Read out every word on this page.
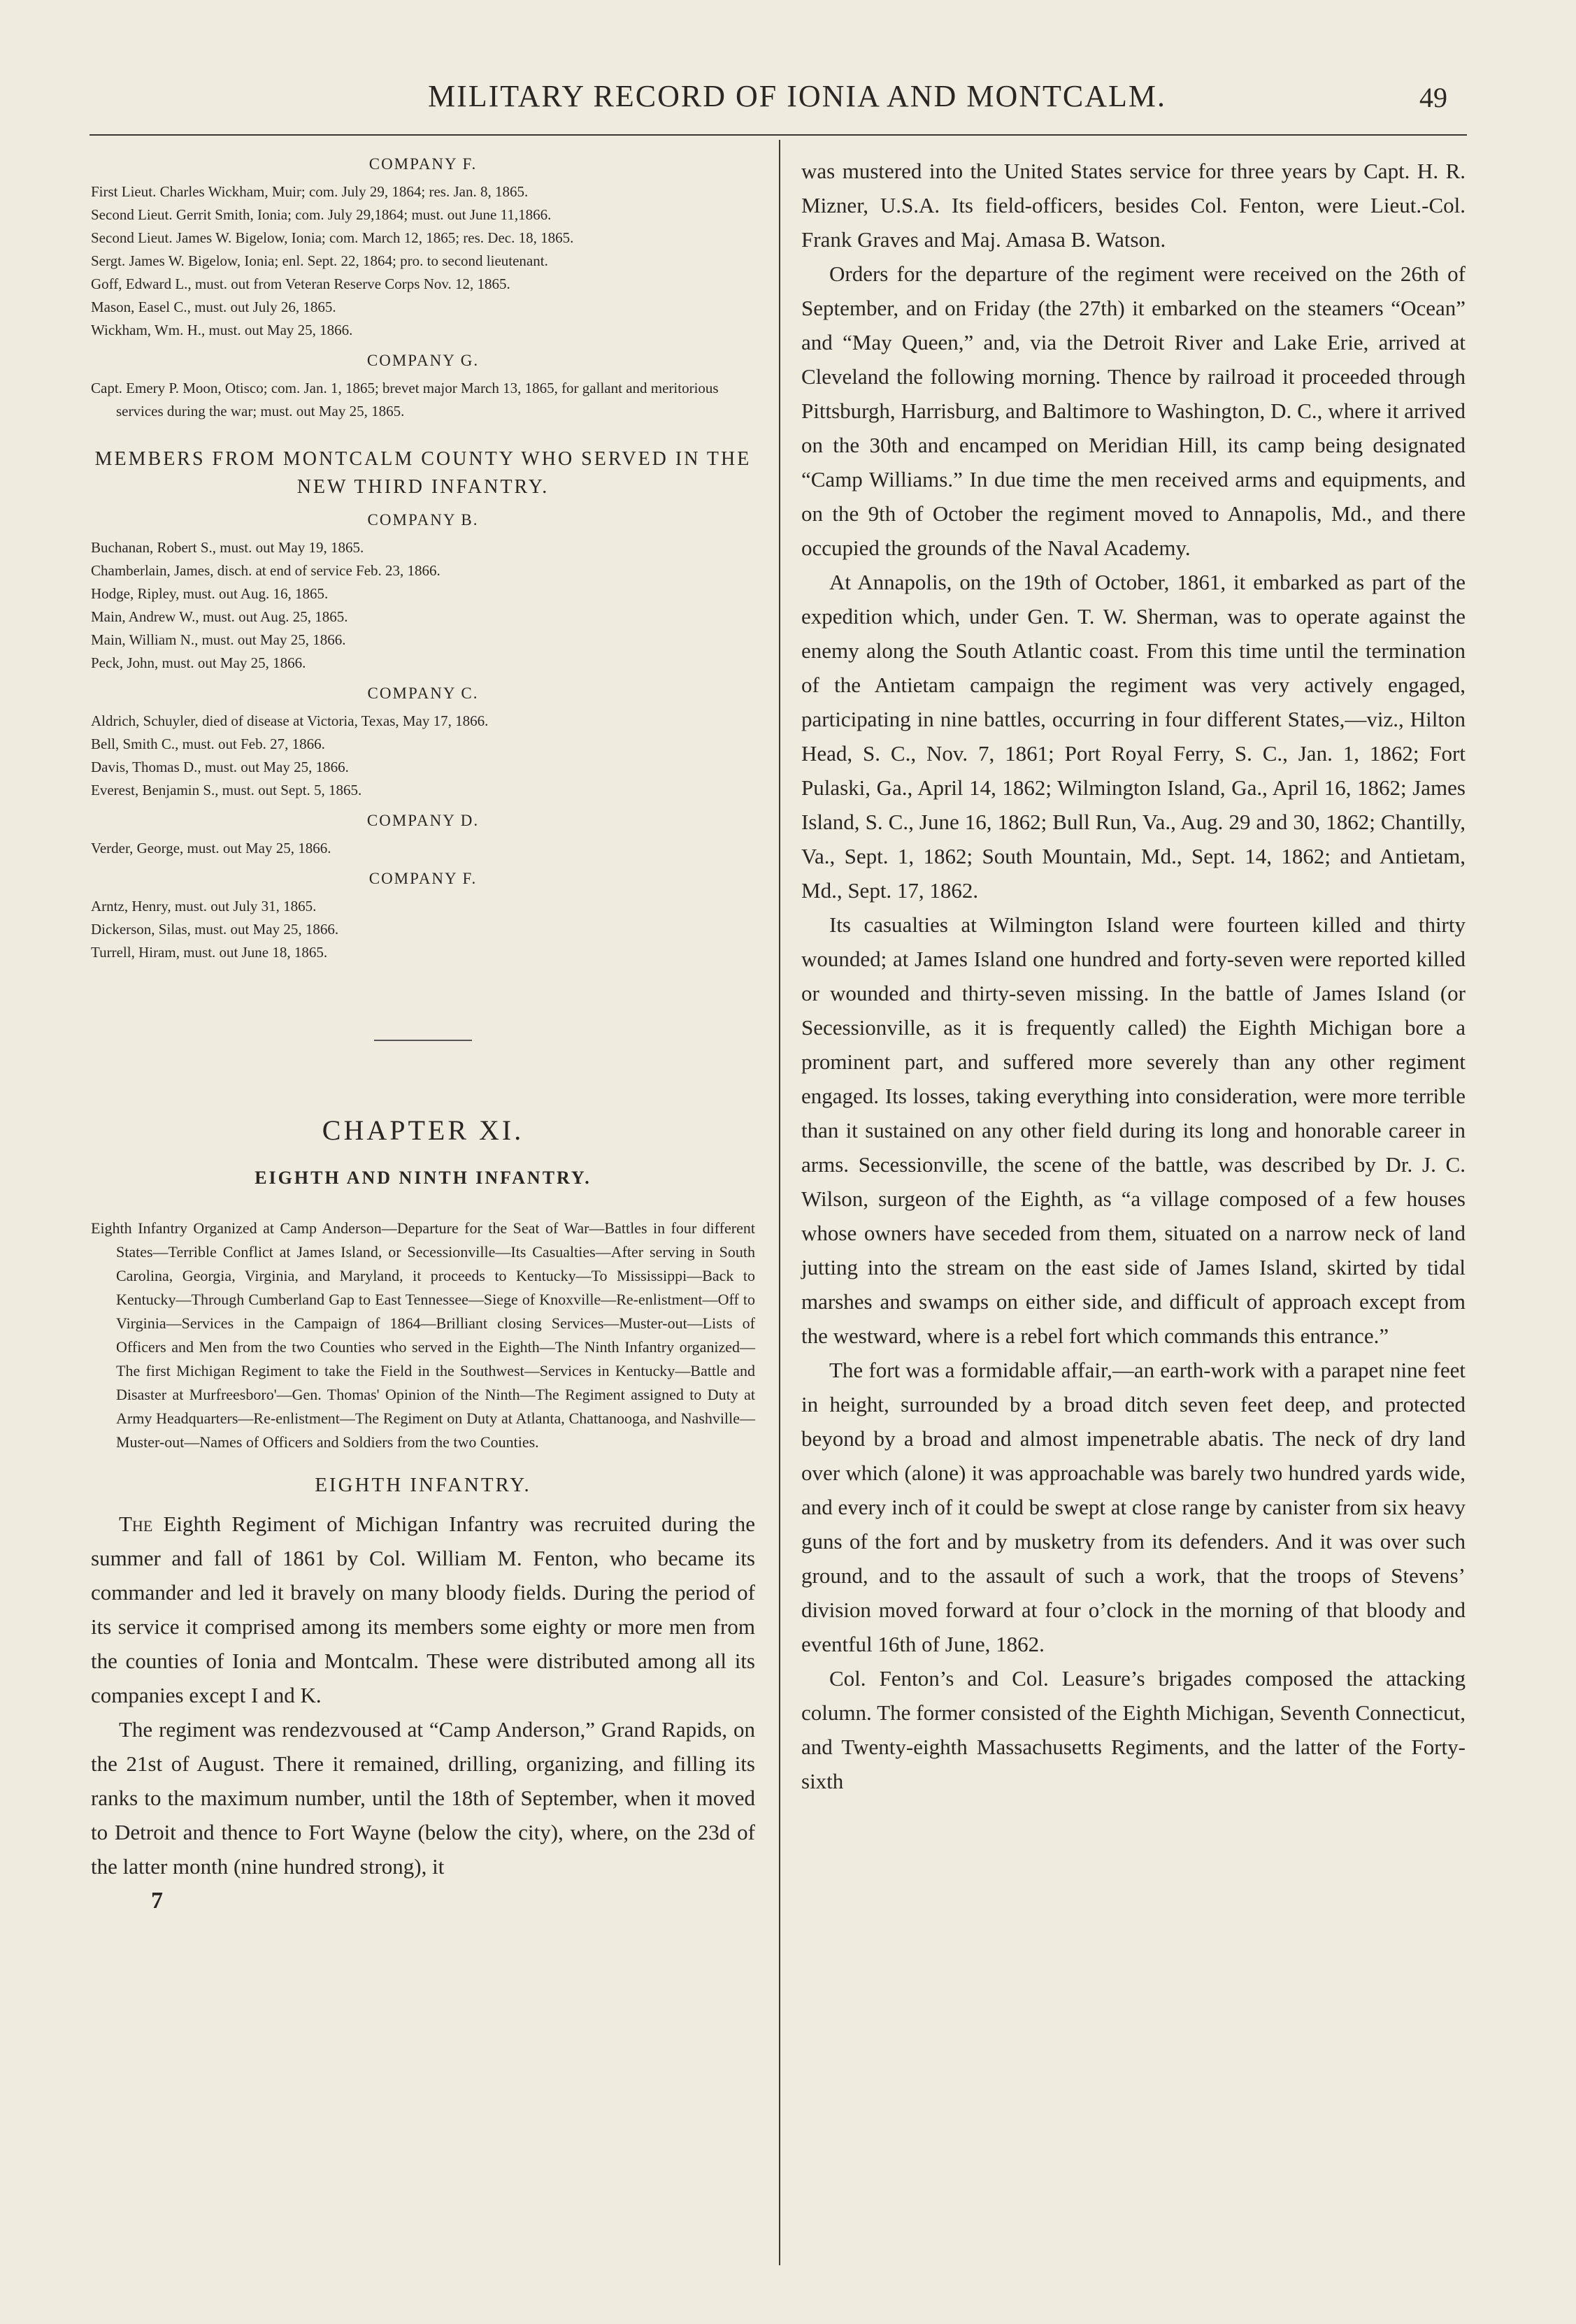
MILITARY RECORD OF IONIA AND MONTCALM.	49
COMPANY F.
First Lieut. Charles Wickham, Muir; com. July 29, 1864; res. Jan. 8, 1865.
Second Lieut. Gerrit Smith, Ionia; com. July 29,1864; must. out June 11,1866.
Second Lieut. James W. Bigelow, Ionia; com. March 12, 1865; res. Dec. 18, 1865.
Sergt. James W. Bigelow, Ionia; enl. Sept. 22, 1864; pro. to second lieutenant.
Goff, Edward L., must. out from Veteran Reserve Corps Nov. 12, 1865.
Mason, Easel C., must. out July 26, 1865.
Wickham, Wm. H., must. out May 25, 1866.
COMPANY G.
Capt. Emery P. Moon, Otisco; com. Jan. 1, 1865; brevet major March 13, 1865, for gallant and meritorious services during the war; must. out May 25, 1865.
MEMBERS FROM MONTCALM COUNTY WHO SERVED IN THE NEW THIRD INFANTRY.
COMPANY B.
Buchanan, Robert S., must. out May 19, 1865.
Chamberlain, James, disch. at end of service Feb. 23, 1866.
Hodge, Ripley, must. out Aug. 16, 1865.
Main, Andrew W., must. out Aug. 25, 1865.
Main, William N., must. out May 25, 1866.
Peck, John, must. out May 25, 1866.
COMPANY C.
Aldrich, Schuyler, died of disease at Victoria, Texas, May 17, 1866.
Bell, Smith C., must. out Feb. 27, 1866.
Davis, Thomas D., must. out May 25, 1866.
Everest, Benjamin S., must. out Sept. 5, 1865.
COMPANY D.
Verder, George, must. out May 25, 1866.
COMPANY F.
Arntz, Henry, must. out July 31, 1865.
Dickerson, Silas, must. out May 25, 1866.
Turrell, Hiram, must. out June 18, 1865.
CHAPTER XI.
EIGHTH AND NINTH INFANTRY.
Eighth Infantry Organized at Camp Anderson—Departure for the Seat of War—Battles in four different States—Terrible Conflict at James Island, or Secessionville—Its Casualties—After serving in South Carolina, Georgia, Virginia, and Maryland, it proceeds to Kentucky—To Mississippi—Back to Kentucky—Through Cumberland Gap to East Tennessee—Siege of Knoxville—Re-enlistment—Off to Virginia—Services in the Campaign of 1864—Brilliant closing Services—Muster-out—Lists of Officers and Men from the two Counties who served in the Eighth—The Ninth Infantry organized—The first Michigan Regiment to take the Field in the Southwest—Services in Kentucky—Battle and Disaster at Murfreesboro'—Gen. Thomas' Opinion of the Ninth—The Regiment assigned to Duty at Army Headquarters—Re-enlistment—The Regiment on Duty at Atlanta, Chattanooga, and Nashville—Muster-out—Names of Officers and Soldiers from the two Counties.
EIGHTH INFANTRY.

The Eighth Regiment of Michigan Infantry was recruited during the summer and fall of 1861 by Col. William M. Fenton, who became its commander and led it bravely on many bloody fields. During the period of its service it comprised among its members some eighty or more men from the counties of Ionia and Montcalm. These were distributed among all its companies except I and K.

The regiment was rendezvoused at “Camp Anderson,” Grand Rapids, on the 21st of August. There it remained, drilling, organizing, and filling its ranks to the maximum number, until the 18th of September, when it moved to Detroit and thence to Fort Wayne (below the city), where, on the 23d of the latter month (nine hundred strong), it

7

was mustered into the United States service for three years by Capt. H. R. Mizner, U.S.A. Its field-officers, besides Col. Fenton, were Lieut.-Col. Frank Graves and Maj. Amasa B. Watson.

Orders for the departure of the regiment were received on the 26th of September, and on Friday (the 27th) it embarked on the steamers “Ocean” and “May Queen,” and, via the Detroit River and Lake Erie, arrived at Cleveland the following morning. Thence by railroad it proceeded through Pittsburgh, Harrisburg, and Baltimore to Washington, D. C., where it arrived on the 30th and encamped on Meridian Hill, its camp being designated “Camp Williams.” In due time the men received arms and equipments, and on the 9th of October the regiment moved to Annapolis, Md., and there occupied the grounds of the Naval Academy.

At Annapolis, on the 19th of October, 1861, it embarked as part of the expedition which, under Gen. T. W. Sherman, was to operate against the enemy along the South Atlantic coast. From this time until the termination of the Antietam campaign the regiment was very actively engaged, participating in nine battles, occurring in four different States,—viz., Hilton Head, S. C., Nov. 7, 1861; Port Royal Ferry, S. C., Jan. 1, 1862; Fort Pulaski, Ga., April 14, 1862; Wilmington Island, Ga., April 16, 1862; James Island, S. C., June 16, 1862; Bull Run, Va., Aug. 29 and 30, 1862; Chantilly, Va., Sept. 1, 1862; South Mountain, Md., Sept. 14, 1862; and Antietam, Md., Sept. 17, 1862.

Its casualties at Wilmington Island were fourteen killed and thirty wounded; at James Island one hundred and forty-seven were reported killed or wounded and thirty-seven missing. In the battle of James Island (or Secessionville, as it is frequently called) the Eighth Michigan bore a prominent part, and suffered more severely than any other regiment engaged. Its losses, taking everything into consideration, were more terrible than it sustained on any other field during its long and honorable career in arms. Secessionville, the scene of the battle, was described by Dr. J. C. Wilson, surgeon of the Eighth, as “a village composed of a few houses whose owners have seceded from them, situated on a narrow neck of land jutting into the stream on the east side of James Island, skirted by tidal marshes and swamps on either side, and difficult of approach except from the westward, where is a rebel fort which commands this entrance.”

The fort was a formidable affair,—an earth-work with a parapet nine feet in height, surrounded by a broad ditch seven feet deep, and protected beyond by a broad and almost impenetrable abatis. The neck of dry land over which (alone) it was approachable was barely two hundred yards wide, and every inch of it could be swept at close range by canister from six heavy guns of the fort and by musketry from its defenders. And it was over such ground, and to the assault of such a work, that the troops of Stevens’ division moved forward at four o’clock in the morning of that bloody and eventful 16th of June, 1862.

Col. Fenton’s and Col. Leasure’s brigades composed the attacking column. The former consisted of the Eighth Michigan, Seventh Connecticut, and Twenty-eighth Massachusetts Regiments, and the latter of the Forty-sixth
